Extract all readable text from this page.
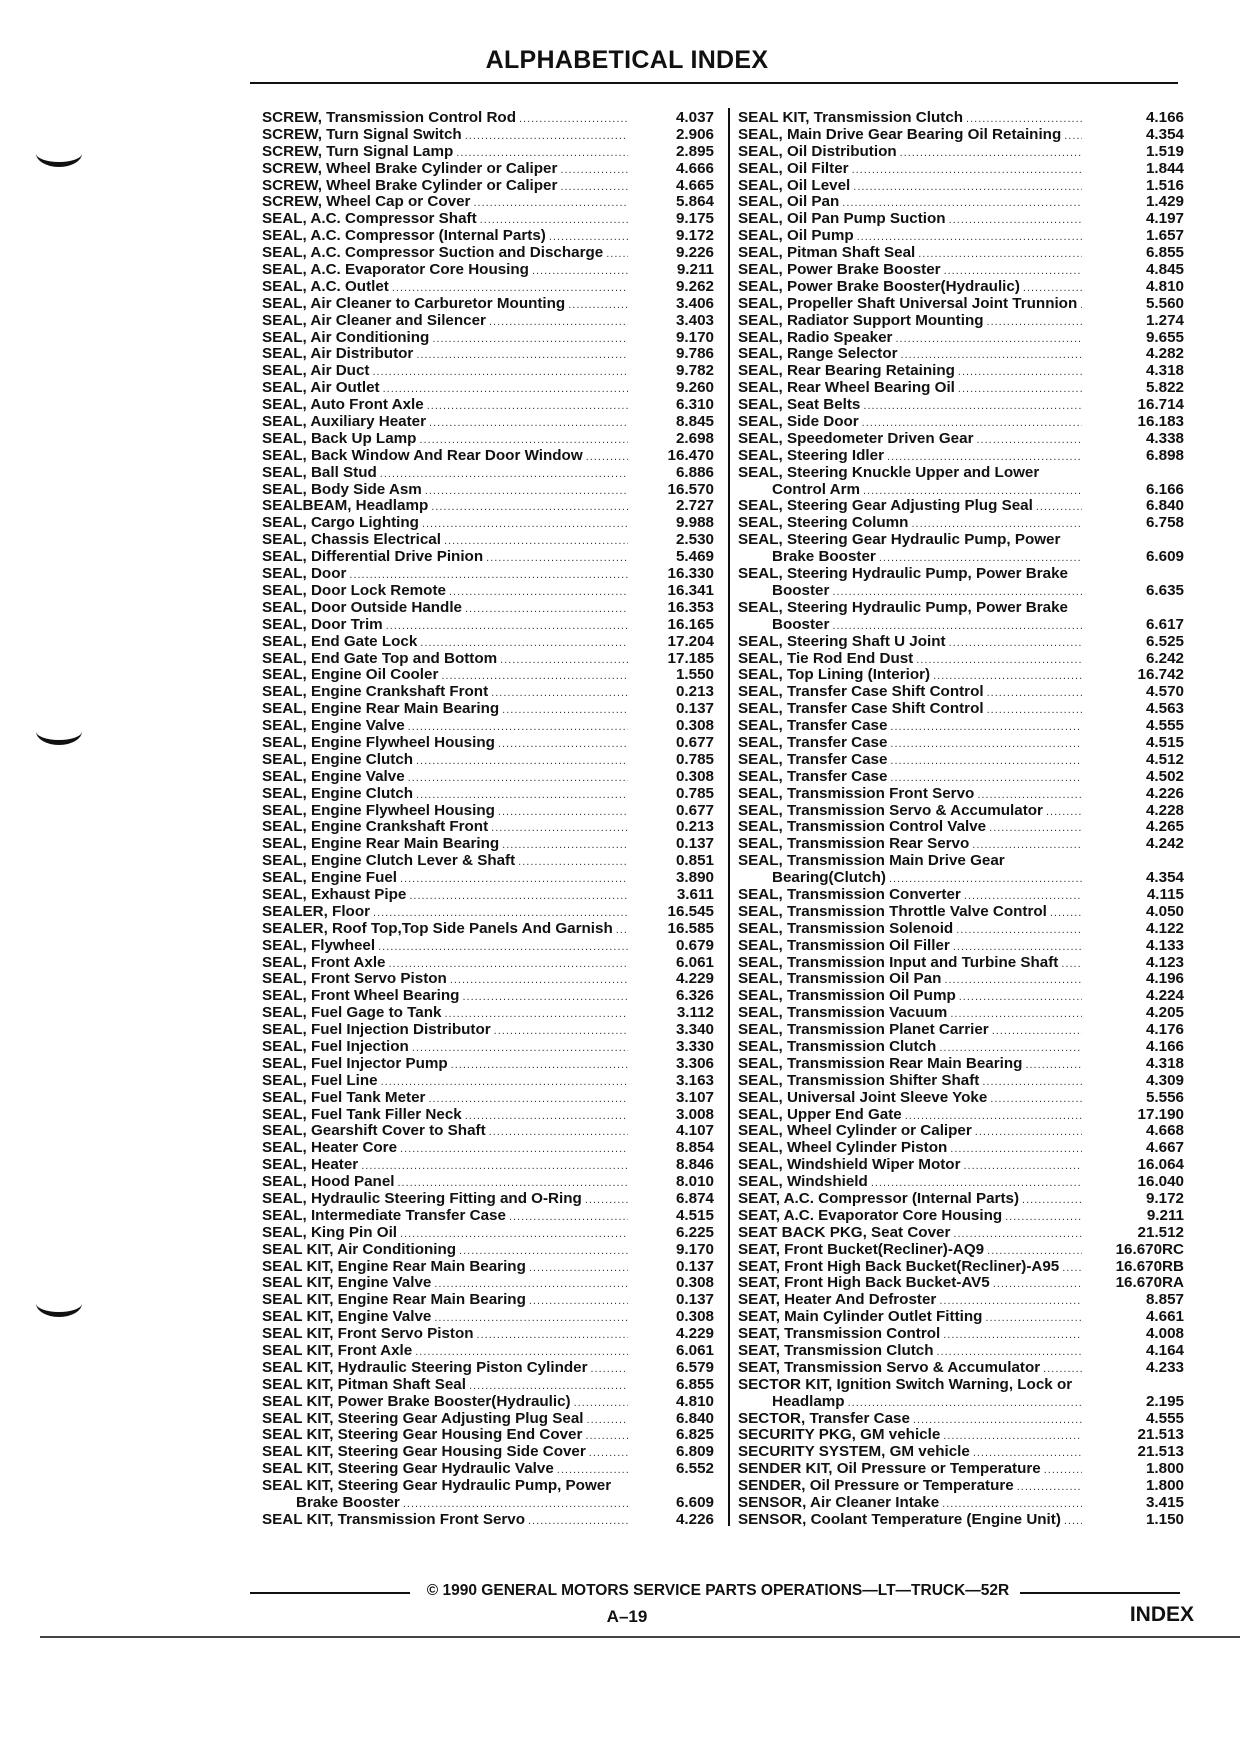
ALPHABETICAL INDEX
SCREW, Transmission Control Rod .....	4.037
SCREW, Turn Signal Switch .....	2.906
SCREW, Turn Signal Lamp .....	2.895
SCREW, Wheel Brake Cylinder or Caliper .....	4.666
SCREW, Wheel Brake Cylinder or Caliper .....	4.665
SCREW, Wheel Cap or Cover .....	5.864
SEAL, A.C. Compressor Shaft .....	9.175
SEAL, A.C. Compressor (Internal Parts) .....	9.172
SEAL, A.C. Compressor Suction and Discharge .....	9.226
SEAL, A.C. Evaporator Core Housing .....	9.211
SEAL, A.C. Outlet .....	9.262
SEAL, Air Cleaner to Carburetor Mounting .....	3.406
SEAL, Air Cleaner and Silencer .....	3.403
SEAL, Air Conditioning .....	9.170
SEAL, Air Distributor .....	9.786
SEAL, Air Duct .....	9.782
SEAL, Air Outlet .....	9.260
SEAL, Auto Front Axle .....	6.310
SEAL, Auxiliary Heater .....	8.845
SEAL, Back Up Lamp .....	2.698
SEAL, Back Window And Rear Door Window .....	16.470
SEAL, Ball Stud .....	6.886
SEAL, Body Side Asm .....	16.570
SEALBEAM, Headlamp .....	2.727
SEAL, Cargo Lighting .....	9.988
SEAL, Chassis Electrical .....	2.530
SEAL, Differential Drive Pinion .....	5.469
SEAL, Door .....	16.330
SEAL, Door Lock Remote .....	16.341
SEAL, Door Outside Handle .....	16.353
SEAL, Door Trim .....	16.165
SEAL, End Gate Lock .....	17.204
SEAL, End Gate Top and Bottom .....	17.185
SEAL, Engine Oil Cooler .....	1.550
SEAL, Engine Crankshaft Front .....	0.213
SEAL, Engine Rear Main Bearing .....	0.137
SEAL, Engine Valve .....	0.308
SEAL, Engine Flywheel Housing .....	0.677
SEAL, Engine Clutch .....	0.785
SEAL, Engine Valve .....	0.308
SEAL, Engine Clutch .....	0.785
SEAL, Engine Flywheel Housing .....	0.677
SEAL, Engine Crankshaft Front .....	0.213
SEAL, Engine Rear Main Bearing .....	0.137
SEAL, Engine Clutch Lever & Shaft .....	0.851
SEAL, Engine Fuel .....	3.890
SEAL, Exhaust Pipe .....	3.611
SEALER, Floor .....	16.545
SEALER, Roof Top,Top Side Panels And Garnish .....	16.585
SEAL, Flywheel .....	0.679
SEAL, Front Axle .....	6.061
SEAL, Front Servo Piston .....	4.229
SEAL, Front Wheel Bearing .....	6.326
SEAL, Fuel Gage to Tank .....	3.112
SEAL, Fuel Injection Distributor .....	3.340
SEAL, Fuel Injection .....	3.330
SEAL, Fuel Injector Pump .....	3.306
SEAL, Fuel Line .....	3.163
SEAL, Fuel Tank Meter .....	3.107
SEAL, Fuel Tank Filler Neck .....	3.008
SEAL, Gearshift Cover to Shaft .....	4.107
SEAL, Heater Core .....	8.854
SEAL, Heater .....	8.846
SEAL, Hood Panel .....	8.010
SEAL, Hydraulic Steering Fitting and O-Ring .....	6.874
SEAL, Intermediate Transfer Case .....	4.515
SEAL, King Pin Oil .....	6.225
SEAL KIT, Air Conditioning .....	9.170
SEAL KIT, Engine Rear Main Bearing .....	0.137
SEAL KIT, Engine Valve .....	0.308
SEAL KIT, Engine Rear Main Bearing .....	0.137
SEAL KIT, Engine Valve .....	0.308
SEAL KIT, Front Servo Piston .....	4.229
SEAL KIT, Front Axle .....	6.061
SEAL KIT, Hydraulic Steering Piston Cylinder .....	6.579
SEAL KIT, Pitman Shaft Seal .....	6.855
SEAL KIT, Power Brake Booster(Hydraulic) .....	4.810
SEAL KIT, Steering Gear Adjusting Plug Seal .....	6.840
SEAL KIT, Steering Gear Housing End Cover .....	6.825
SEAL KIT, Steering Gear Housing Side Cover .....	6.809
SEAL KIT, Steering Gear Hydraulic Valve .....	6.552
SEAL KIT, Steering Gear Hydraulic Pump, Power
Brake Booster .....	6.609
SEAL KIT, Transmission Front Servo .....	4.226
SEAL KIT, Transmission Clutch .....	4.166
SEAL, Main Drive Gear Bearing Oil Retaining .....	4.354
SEAL, Oil Distribution .....	1.519
SEAL, Oil Filter .....	1.844
SEAL, Oil Level .....	1.516
SEAL, Oil Pan .....	1.429
SEAL, Oil Pan Pump Suction .....	4.197
SEAL, Oil Pump .....	1.657
SEAL, Pitman Shaft Seal .....	6.855
SEAL, Power Brake Booster .....	4.845
SEAL, Power Brake Booster(Hydraulic) .....	4.810
SEAL, Propeller Shaft Universal Joint Trunnion .....	5.560
SEAL, Radiator Support Mounting .....	1.274
SEAL, Radio Speaker .....	9.655
SEAL, Range Selector .....	4.282
SEAL, Rear Bearing Retaining .....	4.318
SEAL, Rear Wheel Bearing Oil .....	5.822
SEAL, Seat Belts .....	16.714
SEAL, Side Door .....	16.183
SEAL, Speedometer Driven Gear .....	4.338
SEAL, Steering Idler .....	6.898
SEAL, Steering Knuckle Upper and Lower
Control Arm .....	6.166
SEAL, Steering Gear Adjusting Plug Seal .....	6.840
SEAL, Steering Column .....	6.758
SEAL, Steering Gear Hydraulic Pump, Power
Brake Booster .....	6.609
SEAL, Steering Hydraulic Pump, Power Brake
Booster .....	6.635
SEAL, Steering Hydraulic Pump, Power Brake
Booster .....	6.617
SEAL, Steering Shaft U Joint .....	6.525
SEAL, Tie Rod End Dust .....	6.242
SEAL, Top Lining (Interior) .....	16.742
SEAL, Transfer Case Shift Control .....	4.570
SEAL, Transfer Case Shift Control .....	4.563
SEAL, Transfer Case .....	4.555
SEAL, Transfer Case .....	4.515
SEAL, Transfer Case .....	4.512
SEAL, Transfer Case .....	4.502
SEAL, Transmission Front Servo .....	4.226
SEAL, Transmission Servo & Accumulator .....	4.228
SEAL, Transmission Control Valve .....	4.265
SEAL, Transmission Rear Servo .....	4.242
SEAL, Transmission Main Drive Gear
Bearing(Clutch) .....	4.354
SEAL, Transmission Converter .....	4.115
SEAL, Transmission Throttle Valve Control .....	4.050
SEAL, Transmission Solenoid .....	4.122
SEAL, Transmission Oil Filler .....	4.133
SEAL, Transmission Input and Turbine Shaft .....	4.123
SEAL, Transmission Oil Pan .....	4.196
SEAL, Transmission Oil Pump .....	4.224
SEAL, Transmission Vacuum .....	4.205
SEAL, Transmission Planet Carrier .....	4.176
SEAL, Transmission Clutch .....	4.166
SEAL, Transmission Rear Main Bearing .....	4.318
SEAL, Transmission Shifter Shaft .....	4.309
SEAL, Universal Joint Sleeve Yoke .....	5.556
SEAL, Upper End Gate .....	17.190
SEAL, Wheel Cylinder or Caliper .....	4.668
SEAL, Wheel Cylinder Piston .....	4.667
SEAL, Windshield Wiper Motor .....	16.064
SEAL, Windshield .....	16.040
SEAT, A.C. Compressor (Internal Parts) .....	9.172
SEAT, A.C. Evaporator Core Housing .....	9.211
SEAT BACK PKG, Seat Cover .....	21.512
SEAT, Front Bucket(Recliner)-AQ9 .....	16.670RC
SEAT, Front High Back Bucket(Recliner)-A95 .....	16.670RB
SEAT, Front High Back Bucket-AV5 .....	16.670RA
SEAT, Heater And Defroster .....	8.857
SEAT, Main Cylinder Outlet Fitting .....	4.661
SEAT, Transmission Control .....	4.008
SEAT, Transmission Clutch .....	4.164
SEAT, Transmission Servo & Accumulator .....	4.233
SECTOR KIT, Ignition Switch Warning, Lock or
Headlamp .....	2.195
SECTOR, Transfer Case .....	4.555
SECURITY PKG, GM vehicle .....	21.513
SECURITY SYSTEM, GM vehicle .....	21.513
SENDER KIT, Oil Pressure or Temperature .....	1.800
SENDER, Oil Pressure or Temperature .....	1.800
SENSOR, Air Cleaner Intake .....	3.415
SENSOR, Coolant Temperature (Engine Unit) .....	1.150
© 1990 GENERAL MOTORS SERVICE PARTS OPERATIONS—LT—TRUCK—52R
A–19	INDEX
